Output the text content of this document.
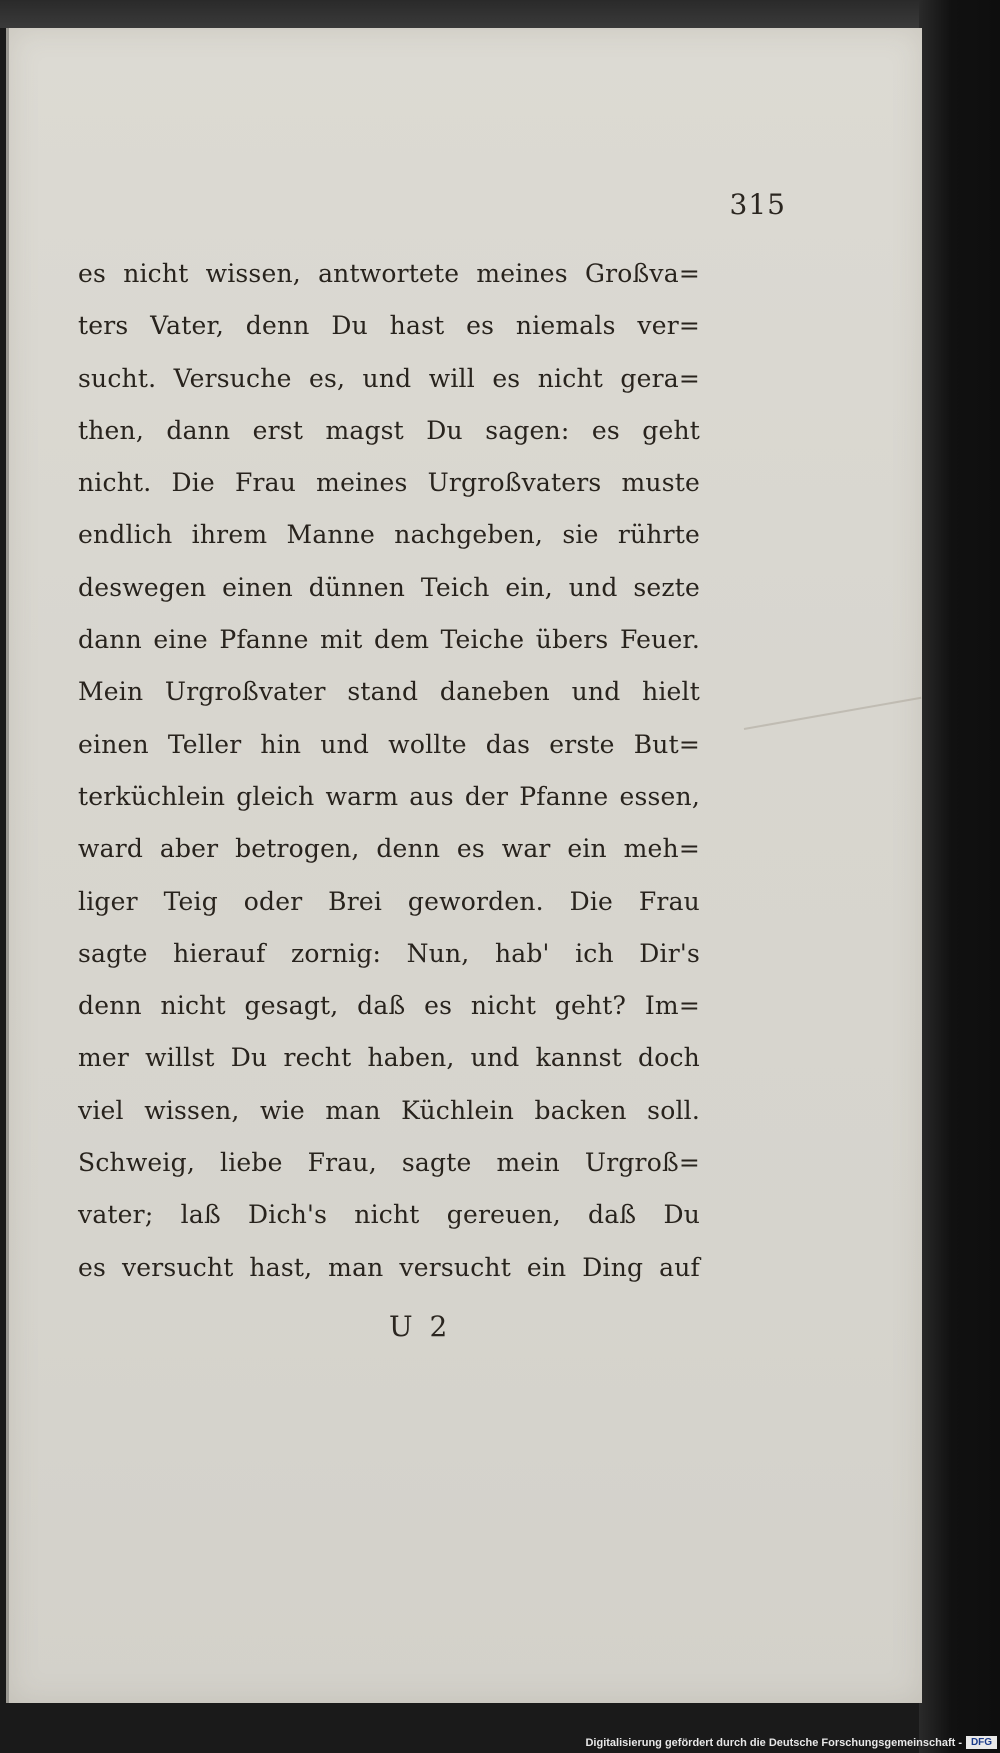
315
es nicht wissen, antwortete meines Großva=
ters Vater, denn Du hast es niemals ver=
sucht. Versuche es, und will es nicht gera=
then, dann erst magst Du sagen: es geht
nicht. Die Frau meines Urgroßvaters muste
endlich ihrem Manne nachgeben, sie rührte
deswegen einen dünnen Teich ein, und sezte
dann eine Pfanne mit dem Teiche übers Feuer.
Mein Urgroßvater stand daneben und hielt
einen Teller hin und wollte das erste But=
terküchlein gleich warm aus der Pfanne essen,
ward aber betrogen, denn es war ein meh=
liger Teig oder Brei geworden. Die Frau
sagte hierauf zornig: Nun, hab' ich Dir's
denn nicht gesagt, daß es nicht geht? Im=
mer willst Du recht haben, und kannst doch
viel wissen, wie man Küchlein backen soll.
Schweig, liebe Frau, sagte mein Urgroß=
vater; laß Dich's nicht gereuen, daß Du
es versucht hast, man versucht ein Ding auf
U 2
Digitalisierung gefördert durch die Deutsche Forschungsgemeinschaft - DFG
